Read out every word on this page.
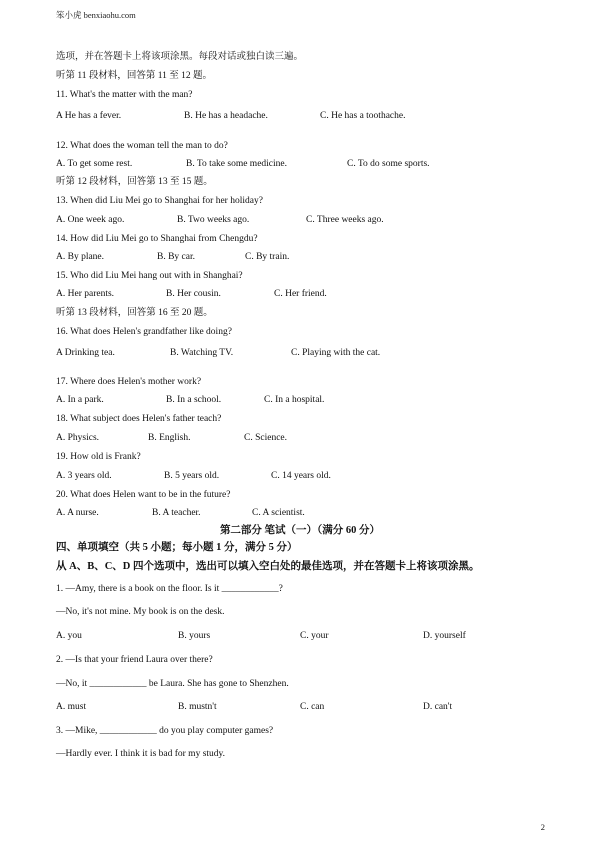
笨小虎 benxiaohu.com
选项，并在答题卡上将该项涂黑。每段对话或独白读三遍。
听第 11 段材料，回答第 11 至 12 题。
11. What's the matter with the man?
A He has a fever.	B. He has a headache.	C. He has a toothache.
12. What does the woman tell the man to do?
A. To get some rest.	B. To take some medicine.	C. To do some sports.
听第 12 段材料，回答第 13 至 15 题。
13. When did Liu Mei go to Shanghai for her holiday?
A. One week ago.	B. Two weeks ago.	C. Three weeks ago.
14. How did Liu Mei go to Shanghai from Chengdu?
A. By plane.	B. By car.	C. By train.
15. Who did Liu Mei hang out with in Shanghai?
A. Her parents.	B. Her cousin.	C. Her friend.
听第 13 段材料，回答第 16 至 20 题。
16. What does Helen's grandfather like doing?
A Drinking tea.	B. Watching TV.	C. Playing with the cat.
17. Where does Helen's mother work?
A. In a park.	B. In a school.	C. In a hospital.
18. What subject does Helen's father teach?
A. Physics.	B. English.	C. Science.
19. How old is Frank?
A. 3 years old.	B. 5 years old.	C. 14 years old.
20. What does Helen want to be in the future?
A. A nurse.	B. A teacher.	C. A scientist.
第二部分 笔试（一）（满分 60 分）
四、单项填空（共 5 小题；每小题 1 分，满分 5 分）
从 A、B、C、D 四个选项中，选出可以填入空白处的最佳选项，并在答题卡上将该项涂黑。
1. —Amy, there is a book on the floor. Is it ____________?
—No, it's not mine. My book is on the desk.
A. you	B. yours	C. your	D. yourself
2. —Is that your friend Laura over there?
—No, it ____________ be Laura. She has gone to Shenzhen.
A. must	B. mustn't	C. can	D. can't
3. —Mike, ____________ do you play computer games?
—Hardly ever. I think it is bad for my study.
2
